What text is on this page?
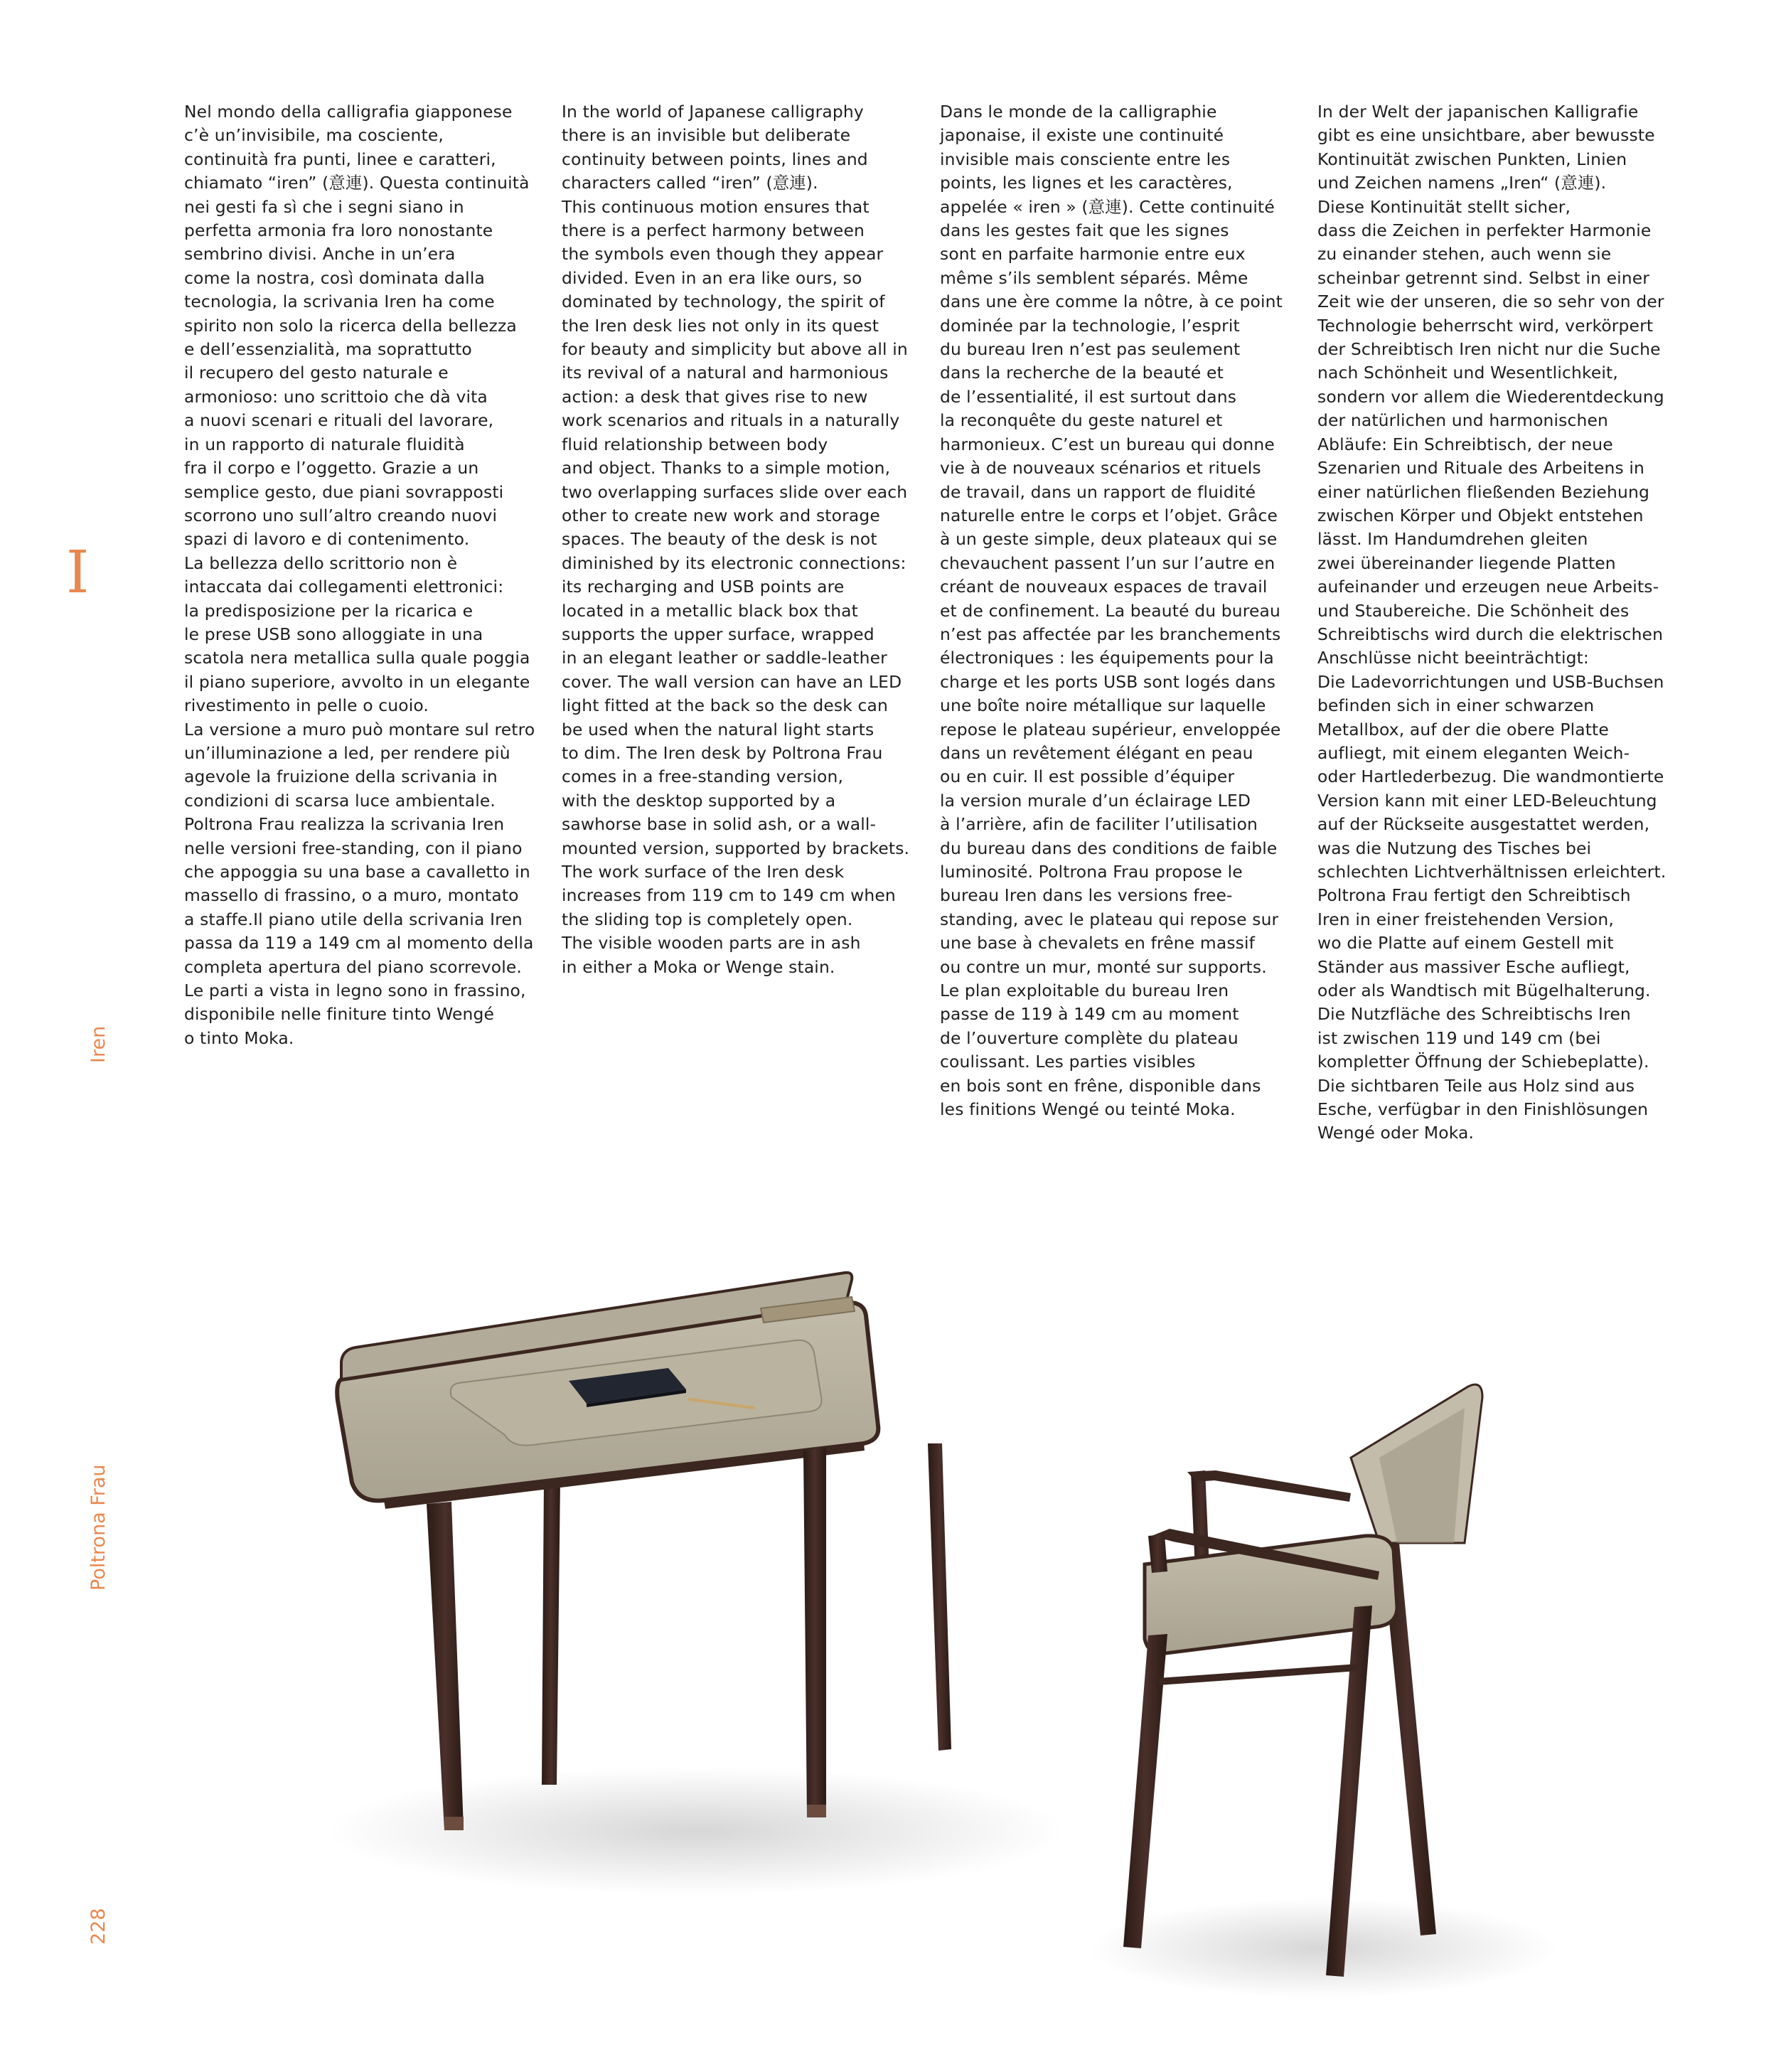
I
Iren
Poltrona Frau
228
Nel mondo della calligrafia giapponese
c’è un’invisibile, ma cosciente,
continuità fra punti, linee e caratteri,
chiamato “iren” (意連). Questa continuità
nei gesti fa sì che i segni siano in
perfetta armonia fra loro nonostante
sembrino divisi. Anche in un’era
come la nostra, così dominata dalla
tecnologia, la scrivania Iren ha come
spirito non solo la ricerca della bellezza
e dell’essenzialità, ma soprattutto
il recupero del gesto naturale e
armonioso: uno scrittoio che dà vita
a nuovi scenari e rituali del lavorare,
in un rapporto di naturale fluidità
fra il corpo e l’oggetto. Grazie a un
semplice gesto, due piani sovrapposti
scorrono uno sull’altro creando nuovi
spazi di lavoro e di contenimento.
La bellezza dello scrittorio non è
intaccata dai collegamenti elettronici:
la predisposizione per la ricarica e
le prese USB sono alloggiate in una
scatola nera metallica sulla quale poggia
il piano superiore, avvolto in un elegante
rivestimento in pelle o cuoio.
La versione a muro può montare sul retro
un’illuminazione a led, per rendere più
agevole la fruizione della scrivania in
condizioni di scarsa luce ambientale.
Poltrona Frau realizza la scrivania Iren
nelle versioni free-standing, con il piano
che appoggia su una base a cavalletto in
massello di frassino, o a muro, montato
a staffe.Il piano utile della scrivania Iren
passa da 119 a 149 cm al momento della
completa apertura del piano scorrevole.
Le parti a vista in legno sono in frassino,
disponibile nelle finiture tinto Wengé
o tinto Moka.
In the world of Japanese calligraphy
there is an invisible but deliberate
continuity between points, lines and
characters called “iren” (意連).
This continuous motion ensures that
there is a perfect harmony between
the symbols even though they appear
divided. Even in an era like ours, so
dominated by technology, the spirit of
the Iren desk lies not only in its quest
for beauty and simplicity but above all in
its revival of a natural and harmonious
action: a desk that gives rise to new
work scenarios and rituals in a naturally
fluid relationship between body
and object. Thanks to a simple motion,
two overlapping surfaces slide over each
other to create new work and storage
spaces. The beauty of the desk is not
diminished by its electronic connections:
its recharging and USB points are
located in a metallic black box that
supports the upper surface, wrapped
in an elegant leather or saddle-leather
cover. The wall version can have an LED
light fitted at the back so the desk can
be used when the natural light starts
to dim. The Iren desk by Poltrona Frau
comes in a free-standing version,
with the desktop supported by a
sawhorse base in solid ash, or a wall-
mounted version, supported by brackets.
The work surface of the Iren desk
increases from 119 cm to 149 cm when
the sliding top is completely open.
The visible wooden parts are in ash
in either a Moka or Wenge stain.
Dans le monde de la calligraphie
japonaise, il existe une continuité
invisible mais consciente entre les
points, les lignes et les caractères,
appelée « iren » (意連). Cette continuité
dans les gestes fait que les signes
sont en parfaite harmonie entre eux
même s’ils semblent séparés. Même
dans une ère comme la nôtre, à ce point
dominée par la technologie, l’esprit
du bureau Iren n’est pas seulement
dans la recherche de la beauté et
de l’essentialité, il est surtout dans
la reconquête du geste naturel et
harmonieux. C’est un bureau qui donne
vie à de nouveaux scénarios et rituels
de travail, dans un rapport de fluidité
naturelle entre le corps et l’objet. Grâce
à un geste simple, deux plateaux qui se
chevauchent passent l’un sur l’autre en
créant de nouveaux espaces de travail
et de confinement. La beauté du bureau
n’est pas affectée par les branchements
électroniques : les équipements pour la
charge et les ports USB sont logés dans
une boîte noire métallique sur laquelle
repose le plateau supérieur, enveloppée
dans un revêtement élégant en peau
ou en cuir. Il est possible d’équiper
la version murale d’un éclairage LED
à l’arrière, afin de faciliter l’utilisation
du bureau dans des conditions de faible
luminosité. Poltrona Frau propose le
bureau Iren dans les versions free-
standing, avec le plateau qui repose sur
une base à chevalets en frêne massif
ou contre un mur, monté sur supports.
Le plan exploitable du bureau Iren
passe de 119 à 149 cm au moment
de l’ouverture complète du plateau
coulissant. Les parties visibles
en bois sont en frêne, disponible dans
les finitions Wengé ou teinté Moka.
In der Welt der japanischen Kalligrafie
gibt es eine unsichtbare, aber bewusste
Kontinuität zwischen Punkten, Linien
und Zeichen namens „Iren“ (意連).
Diese Kontinuität stellt sicher,
dass die Zeichen in perfekter Harmonie
zu einander stehen, auch wenn sie
scheinbar getrennt sind. Selbst in einer
Zeit wie der unseren, die so sehr von der
Technologie beherrscht wird, verkörpert
der Schreibtisch Iren nicht nur die Suche
nach Schönheit und Wesentlichkeit,
sondern vor allem die Wiederentdeckung
der natürlichen und harmonischen
Abläufe: Ein Schreibtisch, der neue
Szenarien und Rituale des Arbeitens in
einer natürlichen fließenden Beziehung
zwischen Körper und Objekt entstehen
lässt. Im Handumdrehen gleiten
zwei übereinander liegende Platten
aufeinander und erzeugen neue Arbeits-
und Staubereiche. Die Schönheit des
Schreibtischs wird durch die elektrischen
Anschlüsse nicht beeinträchtigt:
Die Ladevorrichtungen und USB-Buchsen
befinden sich in einer schwarzen
Metallbox, auf der die obere Platte
aufliegt, mit einem eleganten Weich-
oder Hartlederbezug. Die wandmontierte
Version kann mit einer LED-Beleuchtung
auf der Rückseite ausgestattet werden,
was die Nutzung des Tisches bei
schlechten Lichtverhältnissen erleichtert.
Poltrona Frau fertigt den Schreibtisch
Iren in einer freistehenden Version,
wo die Platte auf einem Gestell mit
Ständer aus massiver Esche aufliegt,
oder als Wandtisch mit Bügelhalterung.
Die Nutzfläche des Schreibtischs Iren
ist zwischen 119 und 149 cm (bei
kompletter Öffnung der Schiebeplatte).
Die sichtbaren Teile aus Holz sind aus
Esche, verfügbar in den Finishlösungen
Wengé oder Moka.
